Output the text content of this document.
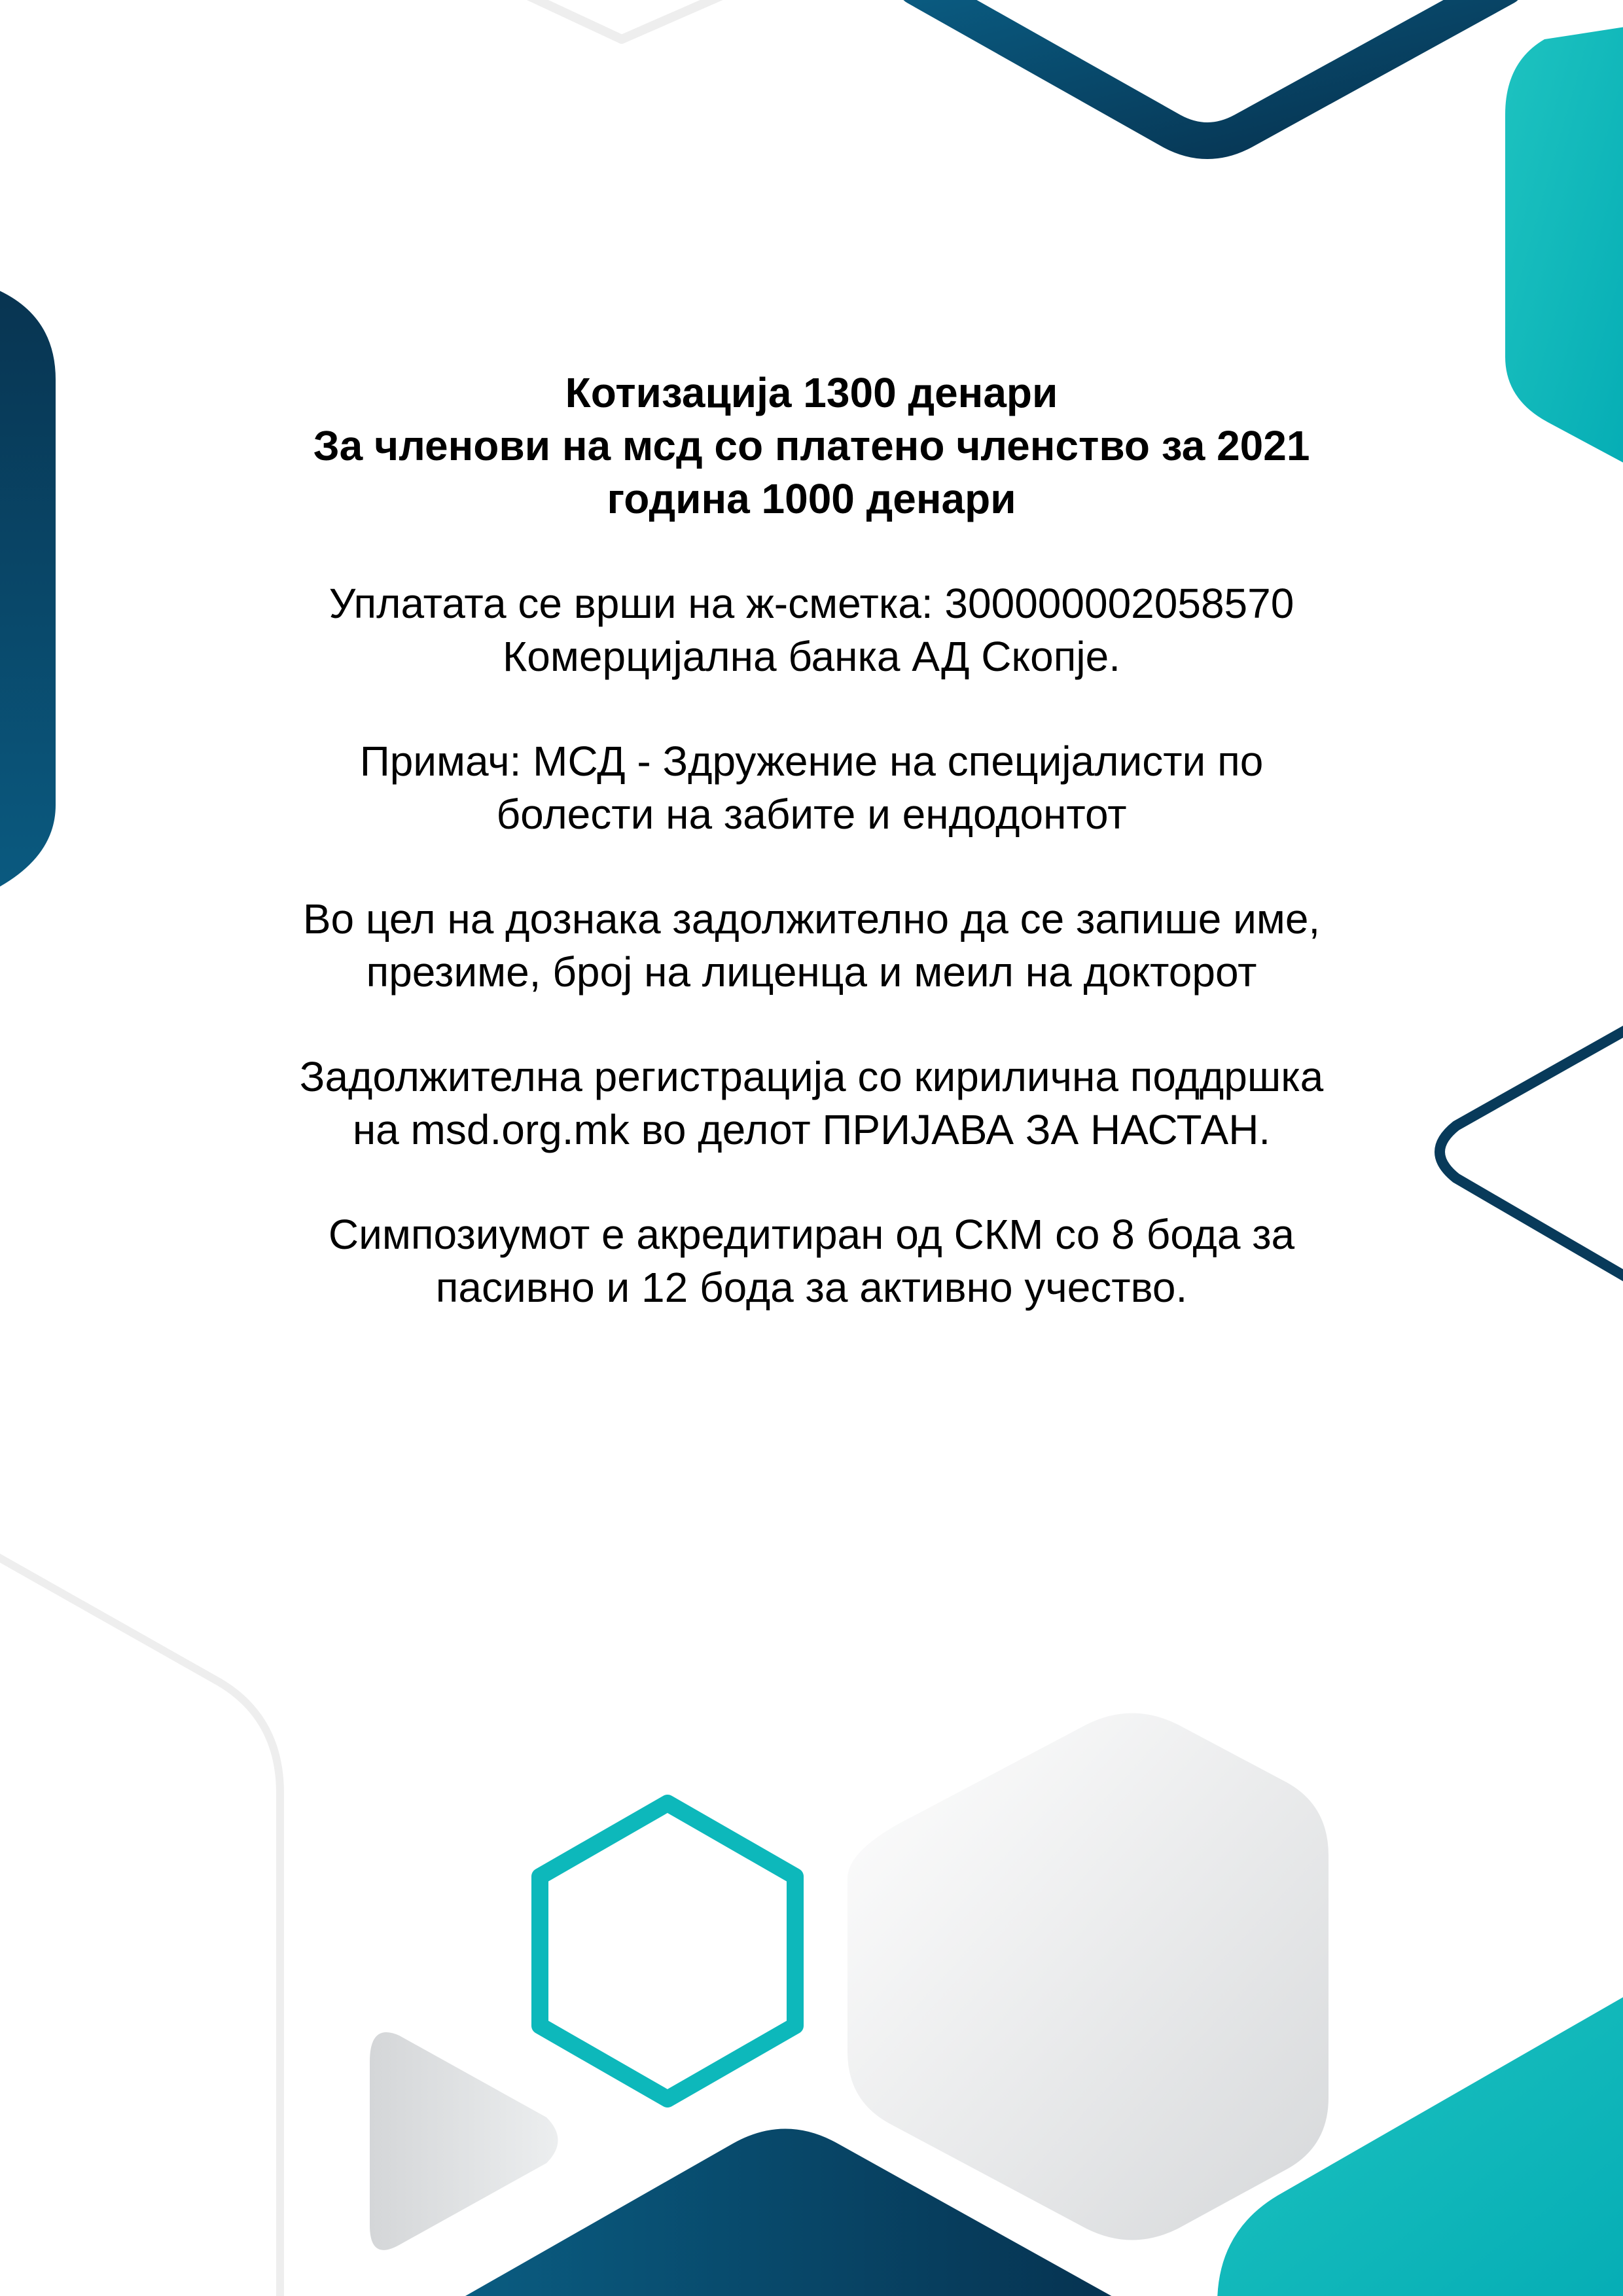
Котизација 1300 денари
За членови на мсд со платено членство за 2021
година 1000 денари
Уплатата се врши на ж-сметка: 300000002058570
Комерцијална банка АД Скопје.
Примач: МСД - Здружение на специјалисти по
болести на забите и ендодонтот
Во цел на дознака задолжително да се запише име,
презиме, број на лиценца и меил на докторот
Задолжителна регистрација со кирилична поддршка
на msd.org.mk во делот ПРИЈАВА ЗА НАСТАН.
Симпозиумот е акредитиран од СКМ со 8 бода за
пасивно и 12 бода за активно учество.
